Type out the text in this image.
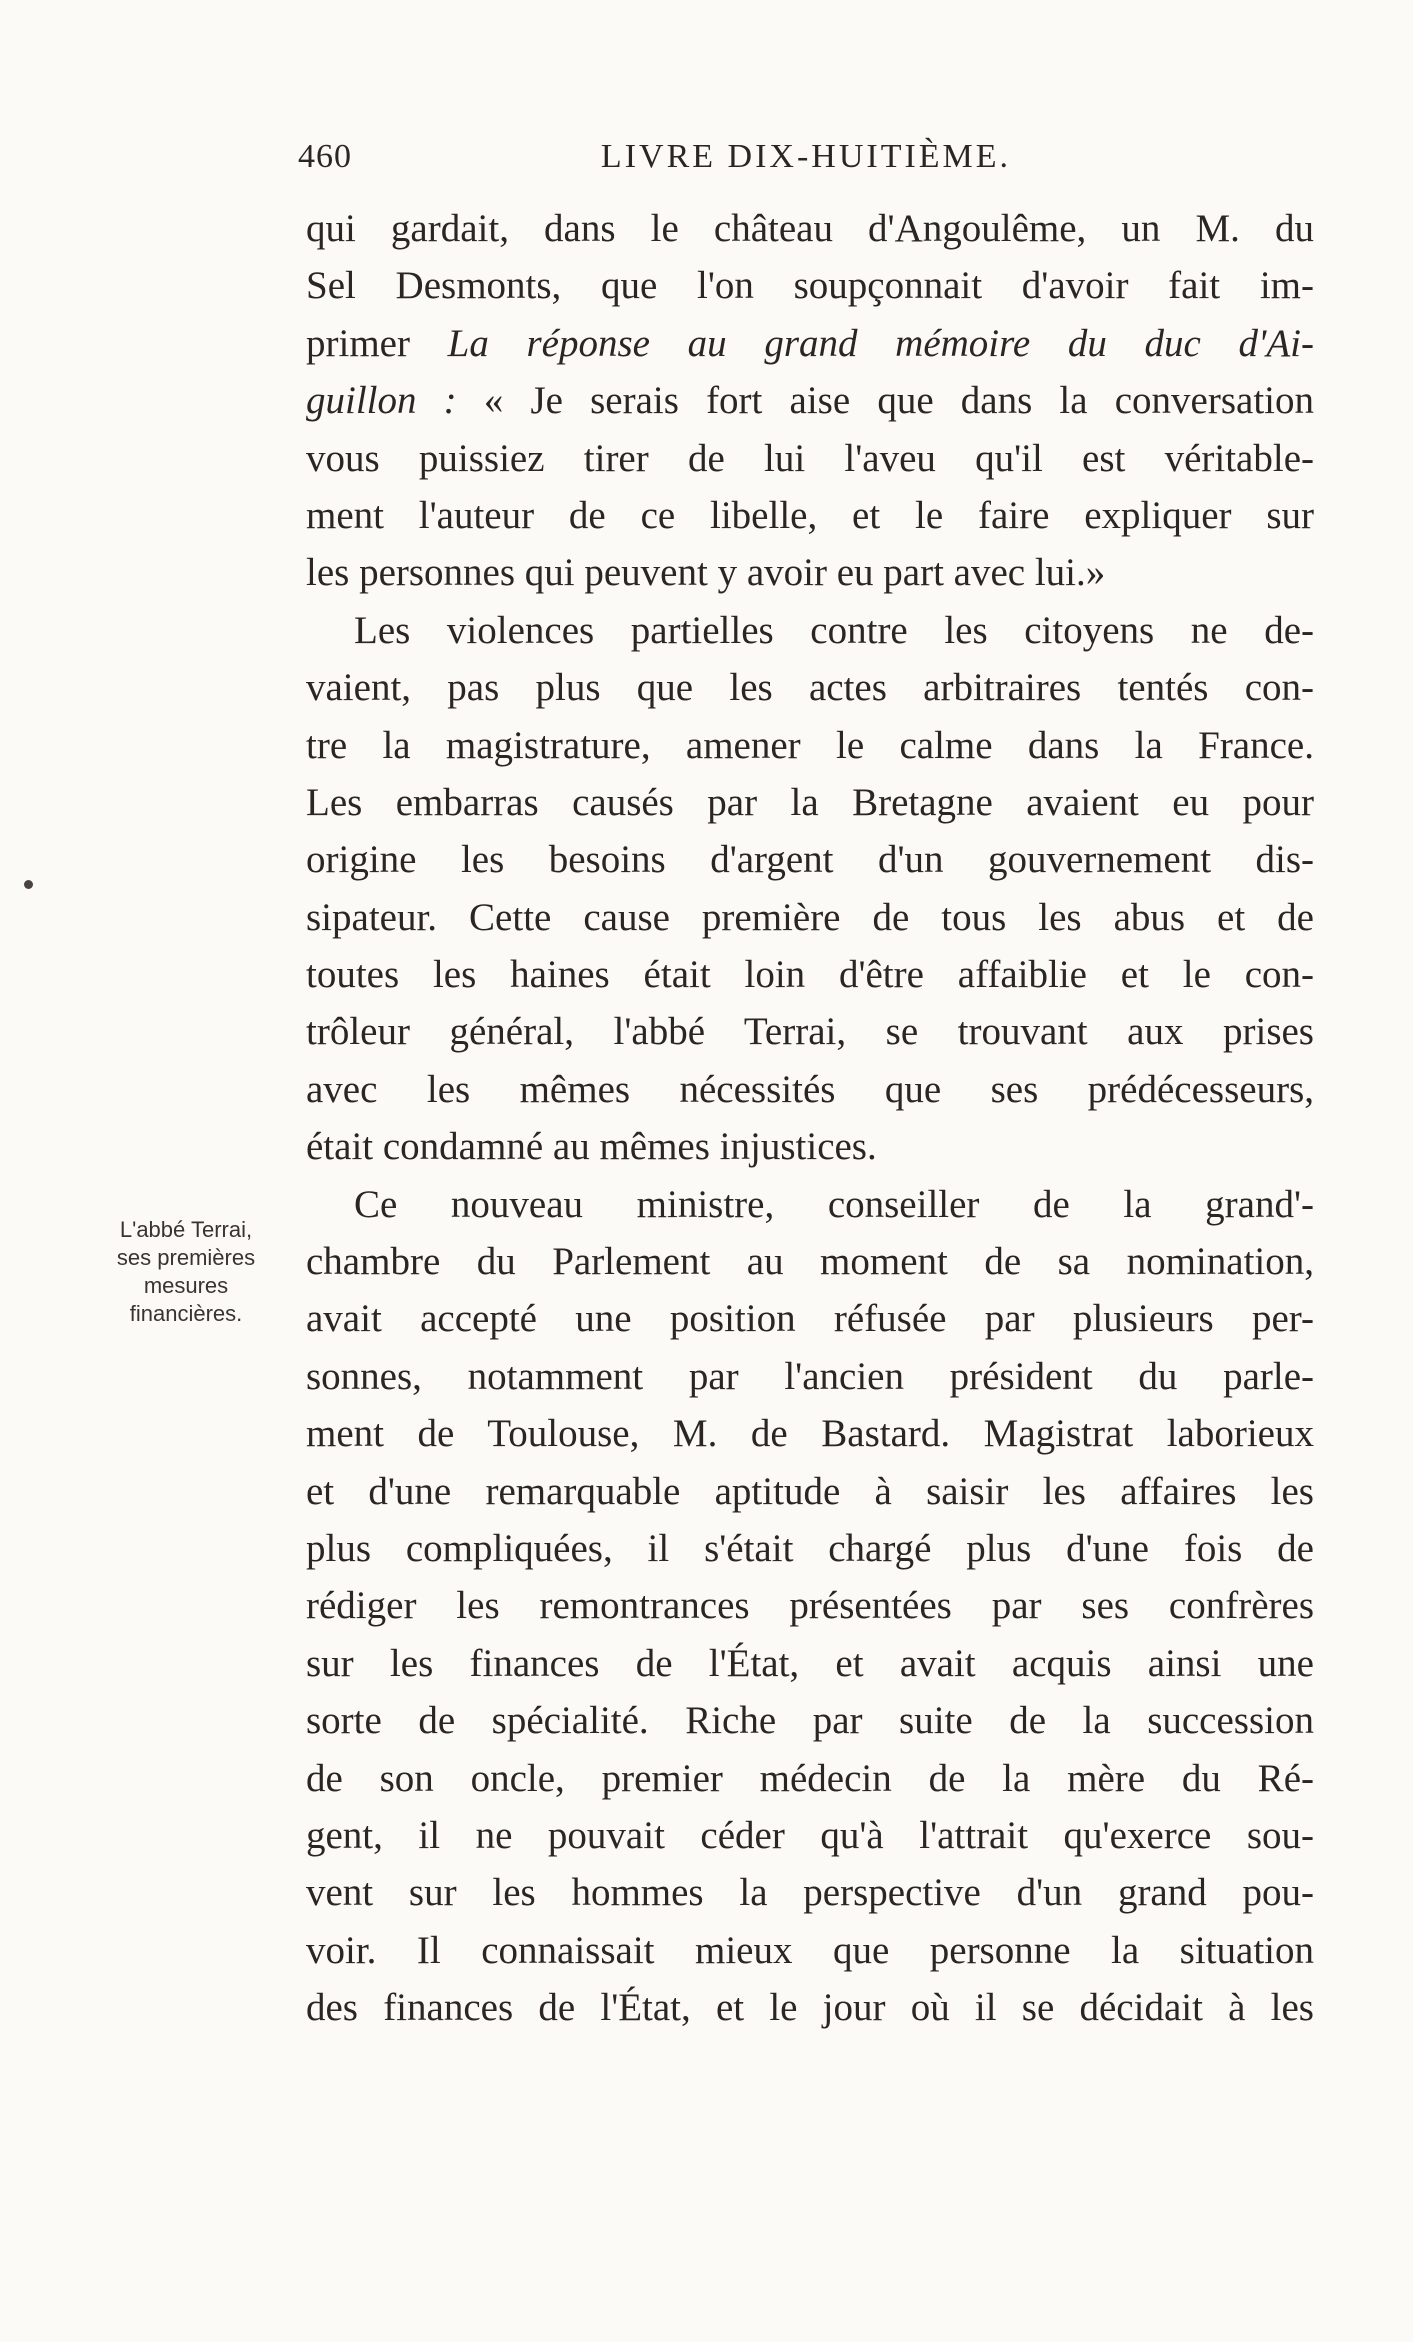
460	LIVRE DIX-HUITIÈME.
L'abbé Terrai,
ses premières
mesures
financières.
qui gardait, dans le château d'Angoulême, un M. du
Sel Desmonts, que l'on soupçonnait d'avoir fait im-
primer La réponse au grand mémoire du duc d'Ai-
guillon : « Je serais fort aise que dans la conversation
vous puissiez tirer de lui l'aveu qu'il est véritable-
ment l'auteur de ce libelle, et le faire expliquer sur
les personnes qui peuvent y avoir eu part avec lui.»
Les violences partielles contre les citoyens ne de-
vaient, pas plus que les actes arbitraires tentés con-
tre la magistrature, amener le calme dans la France.
Les embarras causés par la Bretagne avaient eu pour
origine les besoins d'argent d'un gouvernement dis-
sipateur. Cette cause première de tous les abus et de
toutes les haines était loin d'être affaiblie et le con-
trôleur général, l'abbé Terrai, se trouvant aux prises
avec les mêmes nécessités que ses prédécesseurs,
était condamné au mêmes injustices.
Ce nouveau ministre, conseiller de la grand'-
chambre du Parlement au moment de sa nomination,
avait accepté une position réfusée par plusieurs per-
sonnes, notamment par l'ancien président du parle-
ment de Toulouse, M. de Bastard. Magistrat laborieux
et d'une remarquable aptitude à saisir les affaires les
plus compliquées, il s'était chargé plus d'une fois de
rédiger les remontrances présentées par ses confrères
sur les finances de l'État, et avait acquis ainsi une
sorte de spécialité. Riche par suite de la succession
de son oncle, premier médecin de la mère du Ré-
gent, il ne pouvait céder qu'à l'attrait qu'exerce sou-
vent sur les hommes la perspective d'un grand pou-
voir. Il connaissait mieux que personne la situation
des finances de l'État, et le jour où il se décidait à les
